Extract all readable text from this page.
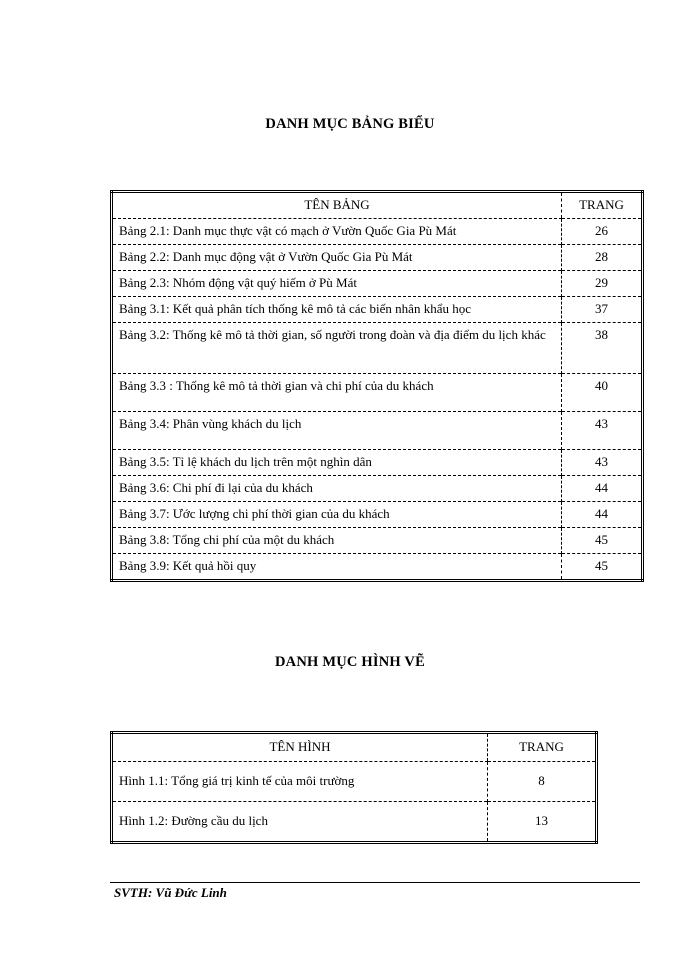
DANH MỤC BẢNG BIỂU
TÊN BẢNG	TRANG
Bảng 2.1: Danh mục thực vật có mạch ở Vườn Quốc Gia Pù Mát	26
Bảng 2.2: Danh mục động vật ở Vườn Quốc Gia Pù Mát	28
Bảng 2.3: Nhóm động vật quý hiếm ở Pù Mát	29
Bảng 3.1: Kết quả phân tích thống kê mô tả các biến nhân khẩu học	37
Bảng 3.2: Thống kê mô tả thời gian, số người trong đoàn và địa điểm du lịch khác	38
Bảng 3.3 : Thống kê mô tả thời gian và chi phí của du khách	40
Bảng 3.4: Phân vùng khách du lịch	43
Bảng 3.5: Tỉ lệ khách du lịch trên một nghìn dân	43
Bảng 3.6: Chi phí đi lại của du khách	44
Bảng 3.7: Ước lượng chi phí thời gian của du khách	44
Bảng 3.8: Tổng chi phí của một du khách	45
Bảng 3.9: Kết quả hồi quy	45
DANH MỤC HÌNH VẼ
TÊN HÌNH	TRANG
Hình 1.1: Tổng giá trị kinh tế của môi trường	8
Hình 1.2: Đường cầu du lịch	13
SVTH: Vũ Đức Linh
